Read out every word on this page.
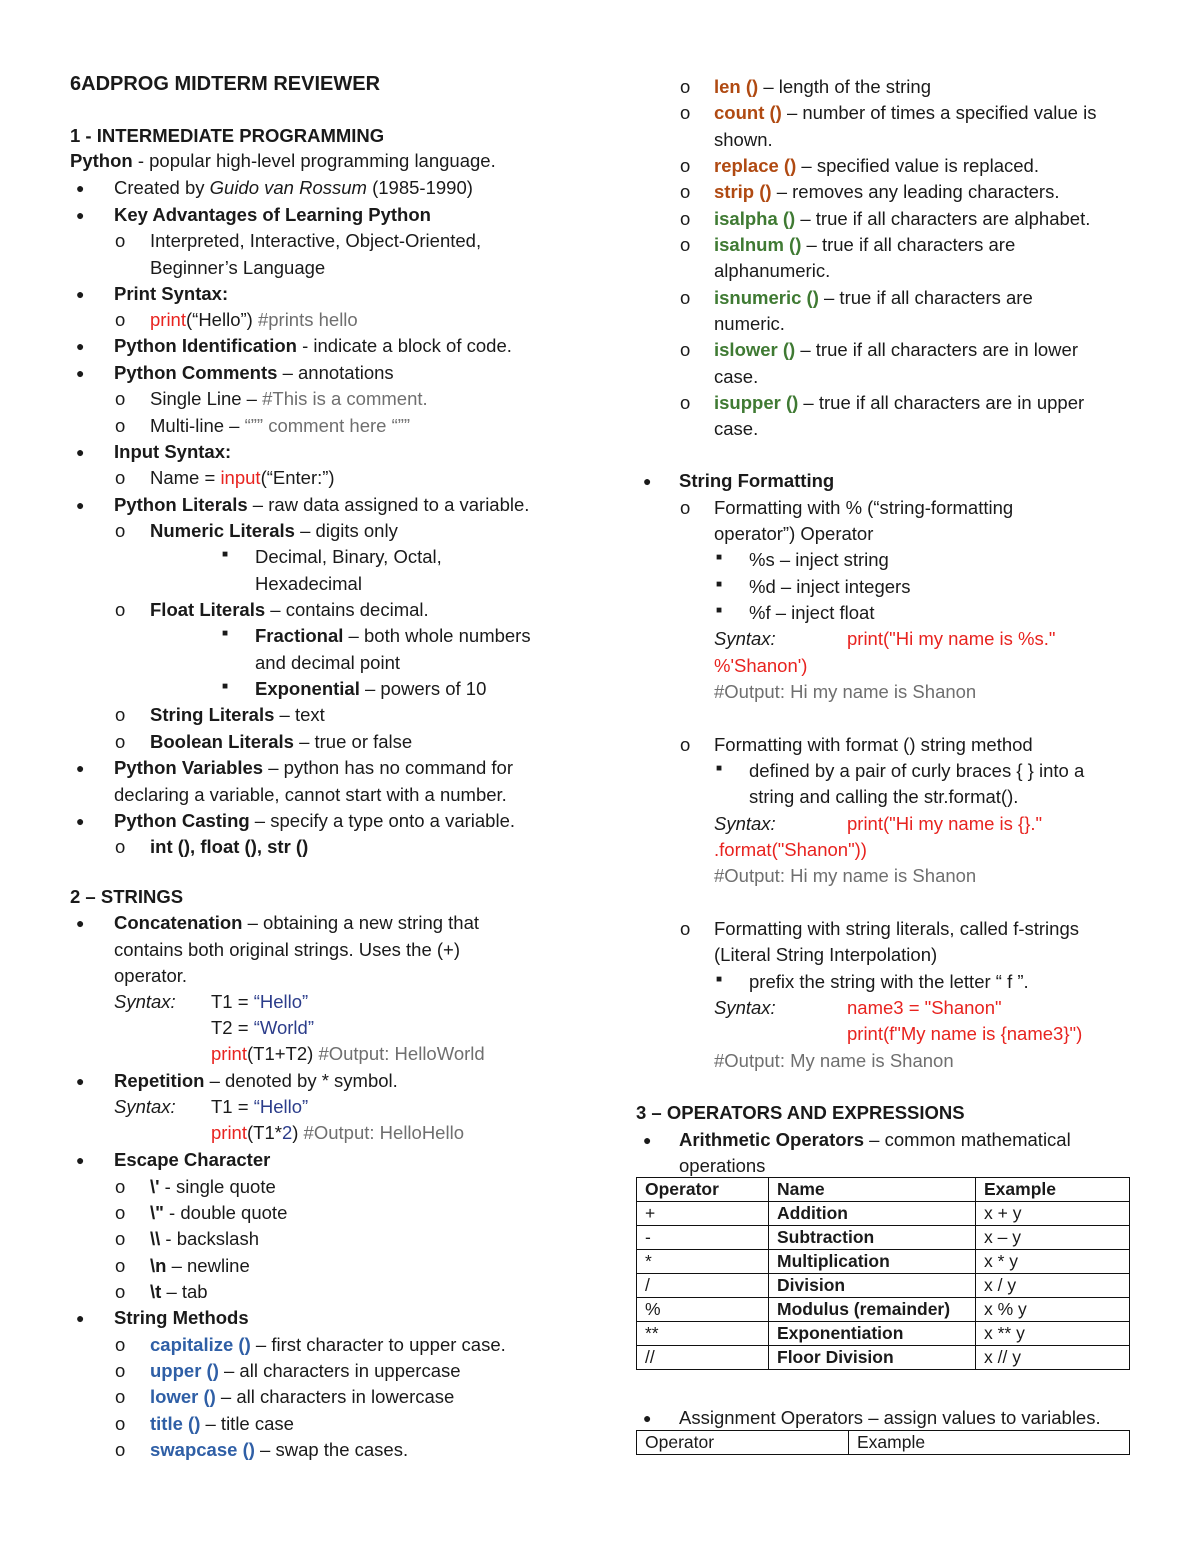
6ADPROG MIDTERM REVIEWER
1 - INTERMEDIATE PROGRAMMING
Python - popular high-level programming language.
● Created by Guido van Rossum (1985-1990)
● Key Advantages of Learning Python
o Interpreted, Interactive, Object-Oriented,
Beginner’s Language
● Print Syntax:
o print(“Hello”) #prints hello
● Python Identification - indicate a block of code.
● Python Comments – annotations
o Single Line – #This is a comment.
o Multi-line – “”” comment here “””
● Input Syntax:
o Name = input(“Enter:”)
● Python Literals – raw data assigned to a variable.
o Numeric Literals – digits only
■ Decimal, Binary, Octal,
Hexadecimal
o Float Literals – contains decimal.
■ Fractional – both whole numbers
and decimal point
■ Exponential – powers of 10
o String Literals – text
o Boolean Literals – true or false
● Python Variables – python has no command for
declaring a variable, cannot start with a number.
● Python Casting – specify a type onto a variable.
o int (), float (), str ()
2 – STRINGS
● Concatenation – obtaining a new string that
contains both original strings. Uses the (+)
operator.
Syntax: T1 = “Hello”
T2 = “World”
print(T1+T2) #Output: HelloWorld
● Repetition – denoted by * symbol.
Syntax: T1 = “Hello”
print(T1*2) #Output: HelloHello
● Escape Character
o \' - single quote
o \" - double quote
o \\ - backslash
o \n – newline
o \t – tab
● String Methods
o capitalize () – first character to upper case.
o upper () – all characters in uppercase
o lower () – all characters in lowercase
o title () – title case
o swapcase () – swap the cases.
o len () – length of the string
o count () – number of times a specified value is
shown.
o replace () – specified value is replaced.
o strip () – removes any leading characters.
o isalpha () – true if all characters are alphabet.
o isalnum () – true if all characters are
alphanumeric.
o isnumeric () – true if all characters are
numeric.
o islower () – true if all characters are in lower
case.
o isupper () – true if all characters are in upper
case.
● String Formatting
o Formatting with % (“string-formatting
operator”) Operator
■ %s – inject string
■ %d – inject integers
■ %f – inject float
Syntax:	print("Hi my name is %s."
%'Shanon')
#Output: Hi my name is Shanon
o Formatting with format () string method
■ defined by a pair of curly braces { } into a
string and calling the str.format().
Syntax:	print("Hi my name is {}."
.format("Shanon"))
#Output: Hi my name is Shanon
o Formatting with string literals, called f-strings
(Literal String Interpolation)
■ prefix the string with the letter “ f ”.
Syntax:	name3 = "Shanon"
print(f"My name is {name3}")
#Output: My name is Shanon
3 – OPERATORS AND EXPRESSIONS
● Arithmetic Operators – common mathematical
operations
Operator	Name	Example
+	Addition	x + y
-	Subtraction	x – y
*	Multiplication	x * y
/	Division	x / y
%	Modulus (remainder)	x % y
**	Exponentiation	x ** y
//	Floor Division	x // y
● Assignment Operators – assign values to variables.
Operator	Example
